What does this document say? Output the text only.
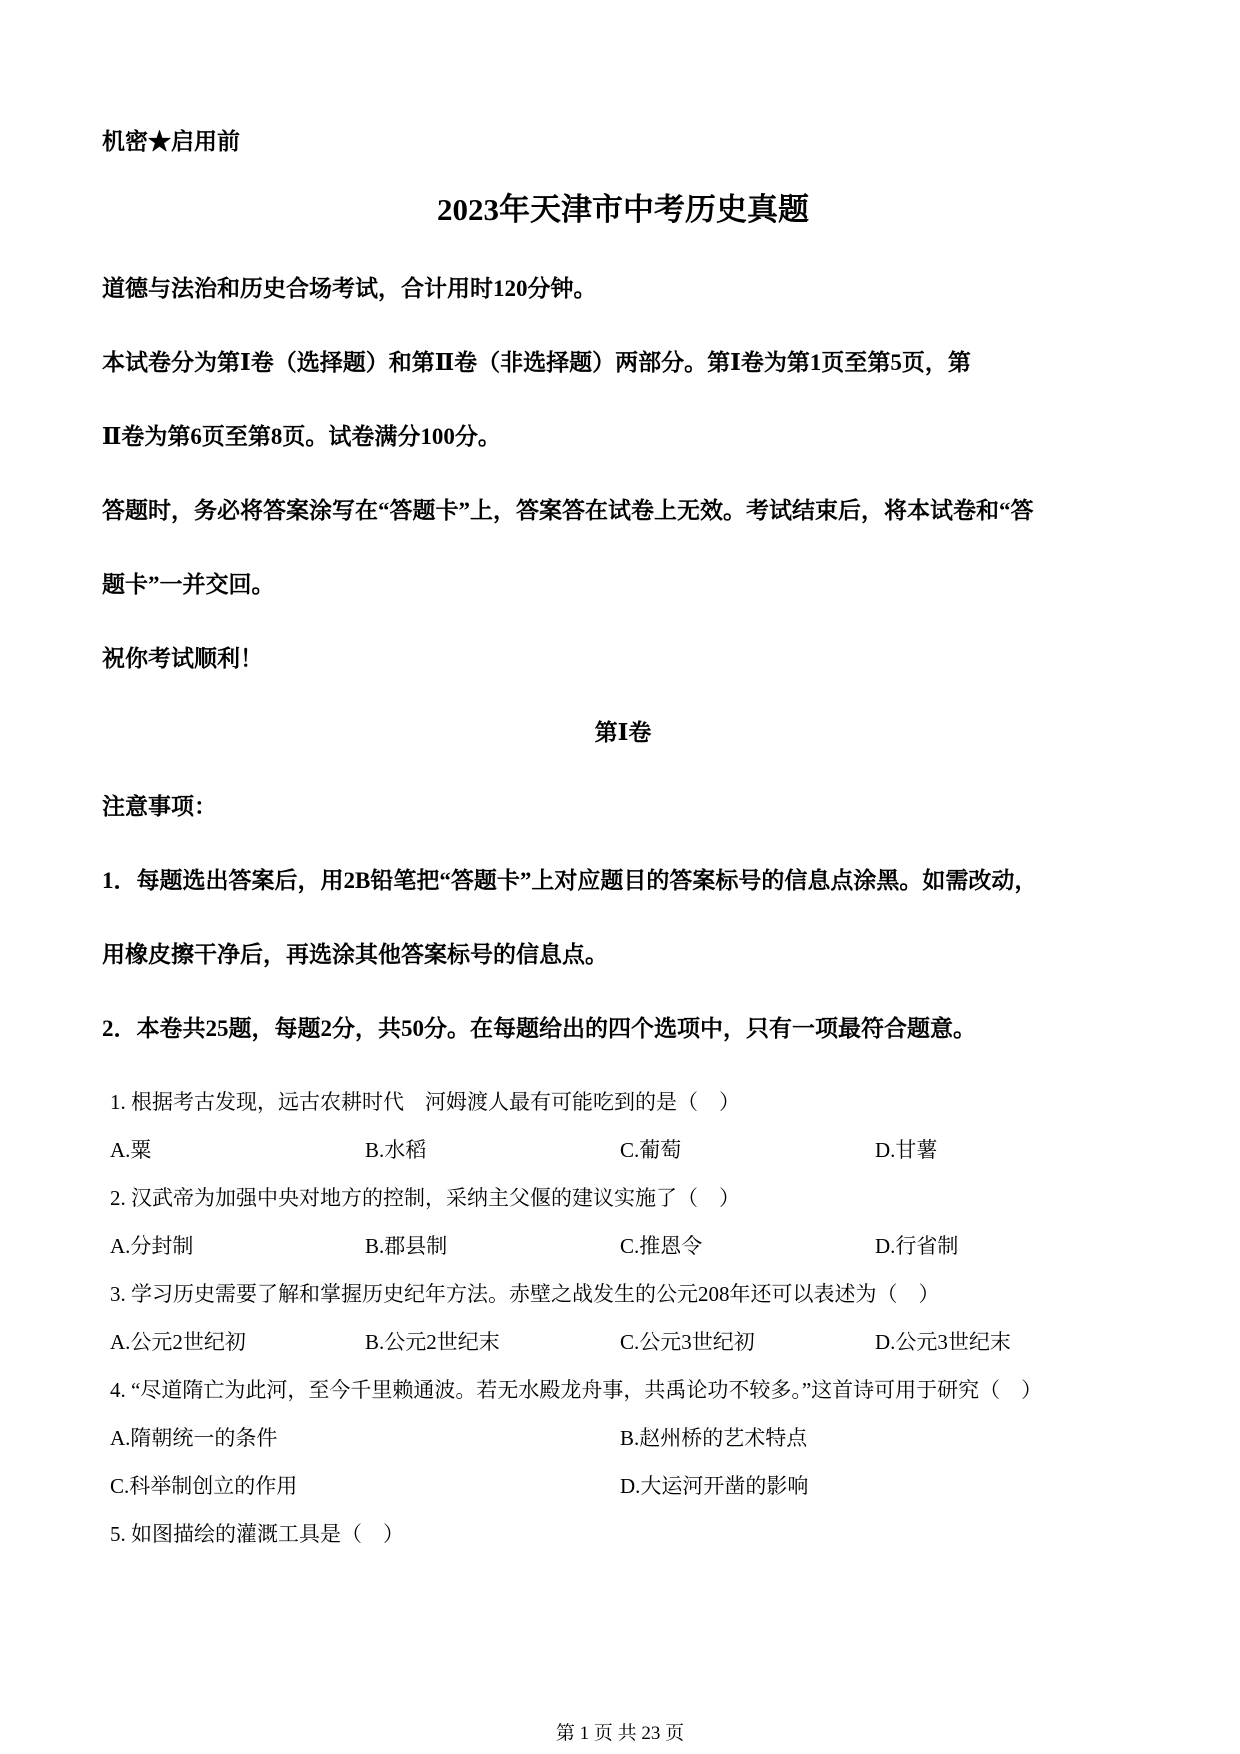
机密★启用前
2023年天津市中考历史真题

道德与法治和历史合场考试，合计用时120分钟。

本试卷分为第Ⅰ卷（选择题）和第Ⅱ卷（非选择题）两部分。第Ⅰ卷为第1页至第5页，第

Ⅱ卷为第6页至第8页。试卷满分100分。

答题时，务必将答案涂写在“答题卡”上，答案答在试卷上无效。考试结束后，将本试卷和“答

题卡”一并交回。

祝你考试顺利！

第Ⅰ卷

注意事项：

1．每题选出答案后，用2B铅笔把“答题卡”上对应题目的答案标号的信息点涂黑。如需改动，

用橡皮擦干净后，再选涂其他答案标号的信息点。

2．本卷共25题，每题2分，共50分。在每题给出的四个选项中，只有一项最符合题意。

1. 根据考古发现，远古农耕时代　河姆渡人最有可能吃到的是（　）

A.粟	B.水稻	C.葡萄	D.甘薯

2. 汉武帝为加强中央对地方的控制，采纳主父偃的建议实施了（　）

A.分封制	B.郡县制	C.推恩令	D.行省制

3. 学习历史需要了解和掌握历史纪年方法。赤壁之战发生的公元208年还可以表述为（　）

A.公元2世纪初	B.公元2世纪末	C.公元3世纪初	D.公元3世纪末

4. “尽道隋亡为此河，至今千里赖通波。若无水殿龙舟事，共禹论功不较多。”这首诗可用于研究（　）

A.隋朝统一的条件	B.赵州桥的艺术特点
C.科举制创立的作用	D.大运河开凿的影响

5. 如图描绘的灌溉工具是（　）

第 1 页 共 23 页
